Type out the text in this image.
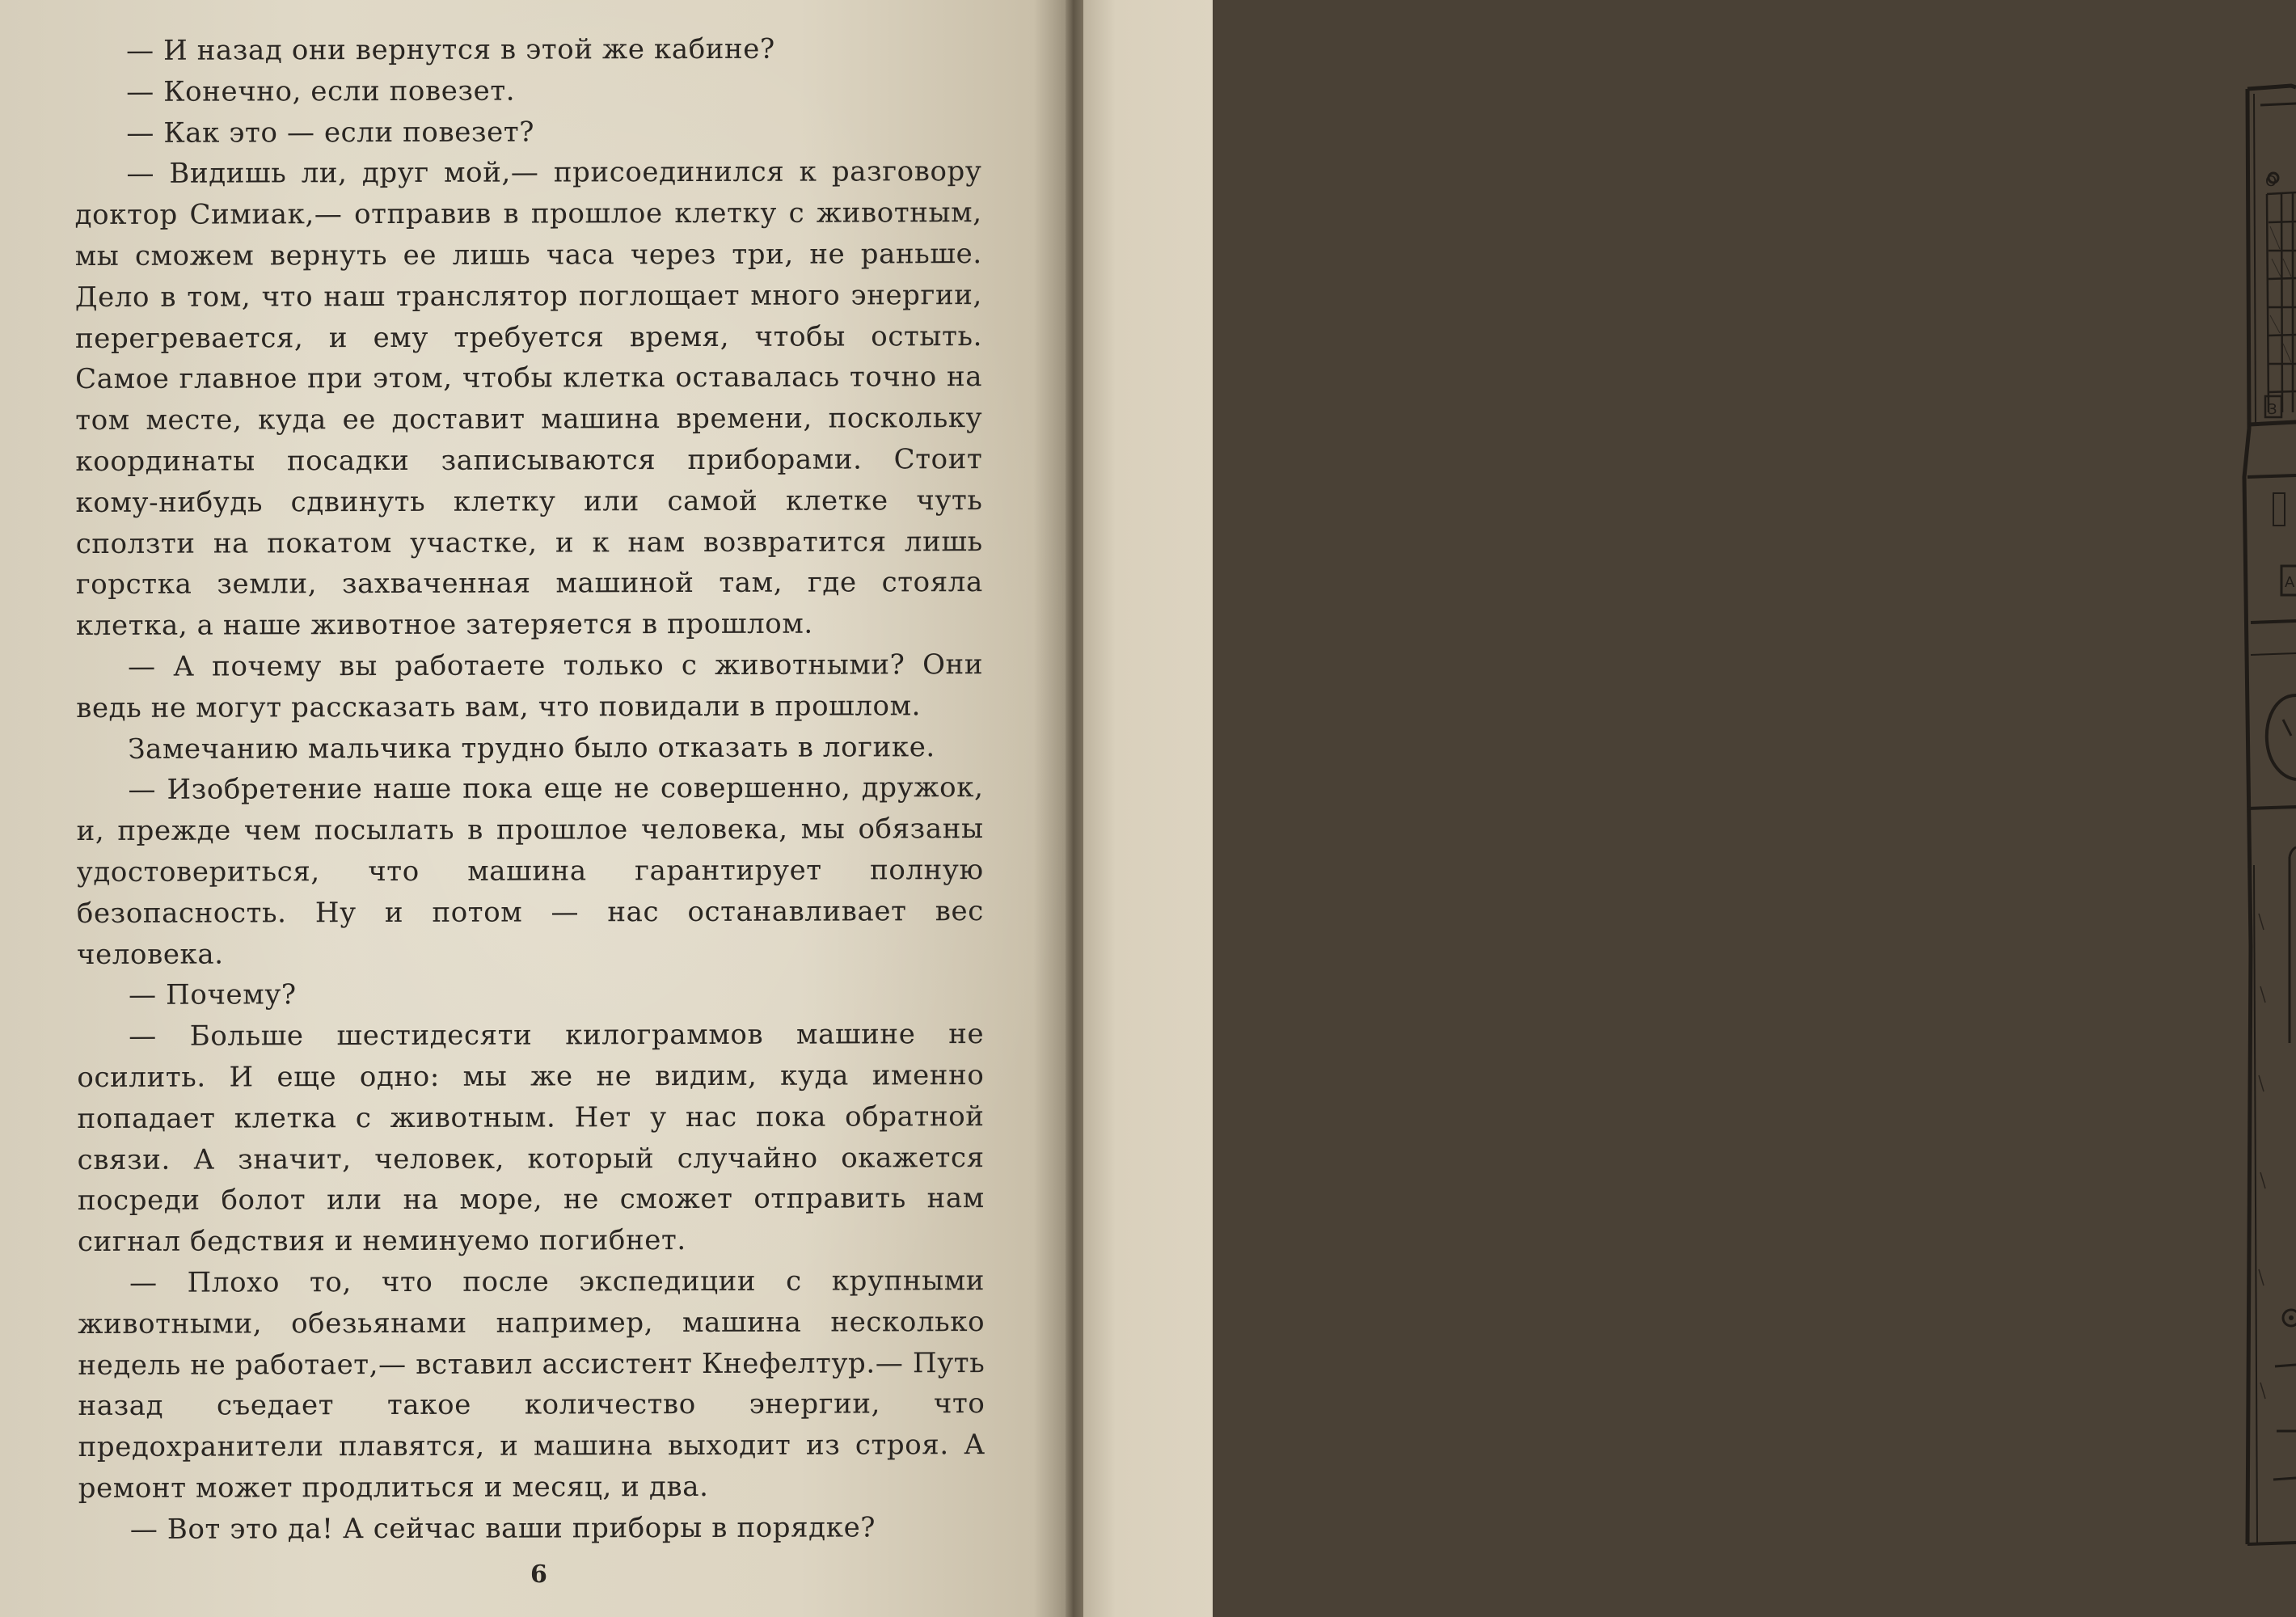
— И назад они вернутся в этой же кабине?

— Конечно, если повезет.

— Как это — если повезет?

— Видишь ли, друг мой,— присоединился к разговору доктор Симиак,— отправив в прошлое клетку с животным, мы сможем вернуть ее лишь часа через три, не раньше. Дело в том, что наш транслятор поглощает много энергии, перегревается, и ему требуется время, чтобы остыть. Самое главное при этом, чтобы клетка оставалась точно на том месте, куда ее доставит машина времени, поскольку координаты посадки записываются приборами. Стоит кому-нибудь сдвинуть клетку или самой клетке чуть сползти на покатом участке, и к нам возвратится лишь горстка земли, захваченная машиной там, где стояла клетка, а наше животное затеряется в прошлом.

— А почему вы работаете только с животными? Они ведь не могут рассказать вам, что повидали в прошлом.

Замечанию мальчика трудно было отказать в логике.

— Изобретение наше пока еще не совершенно, дружок, и, прежде чем посылать в прошлое человека, мы обязаны удостовериться, что машина гарантирует полную безопасность. Ну и потом — нас останавливает вес человека.

— Почему?

— Больше шестидесяти килограммов машине не осилить. И еще одно: мы же не видим, куда именно попадает клетка с животным. Нет у нас пока обратной связи. А значит, человек, который случайно окажется посреди болот или на море, не сможет отправить нам сигнал бедствия и неминуемо погибнет.

— Плохо то, что после экспедиции с крупными животными, обезьянами например, машина несколько недель не работает,— вставил ассистент Кнефелтур.— Путь назад съедает такое количество энергии, что предохранители плавятся, и машина выходит из строя. А ремонт может продлиться и месяц, и два.

— Вот это да! А сейчас ваши приборы в порядке?

6
З
А
О
